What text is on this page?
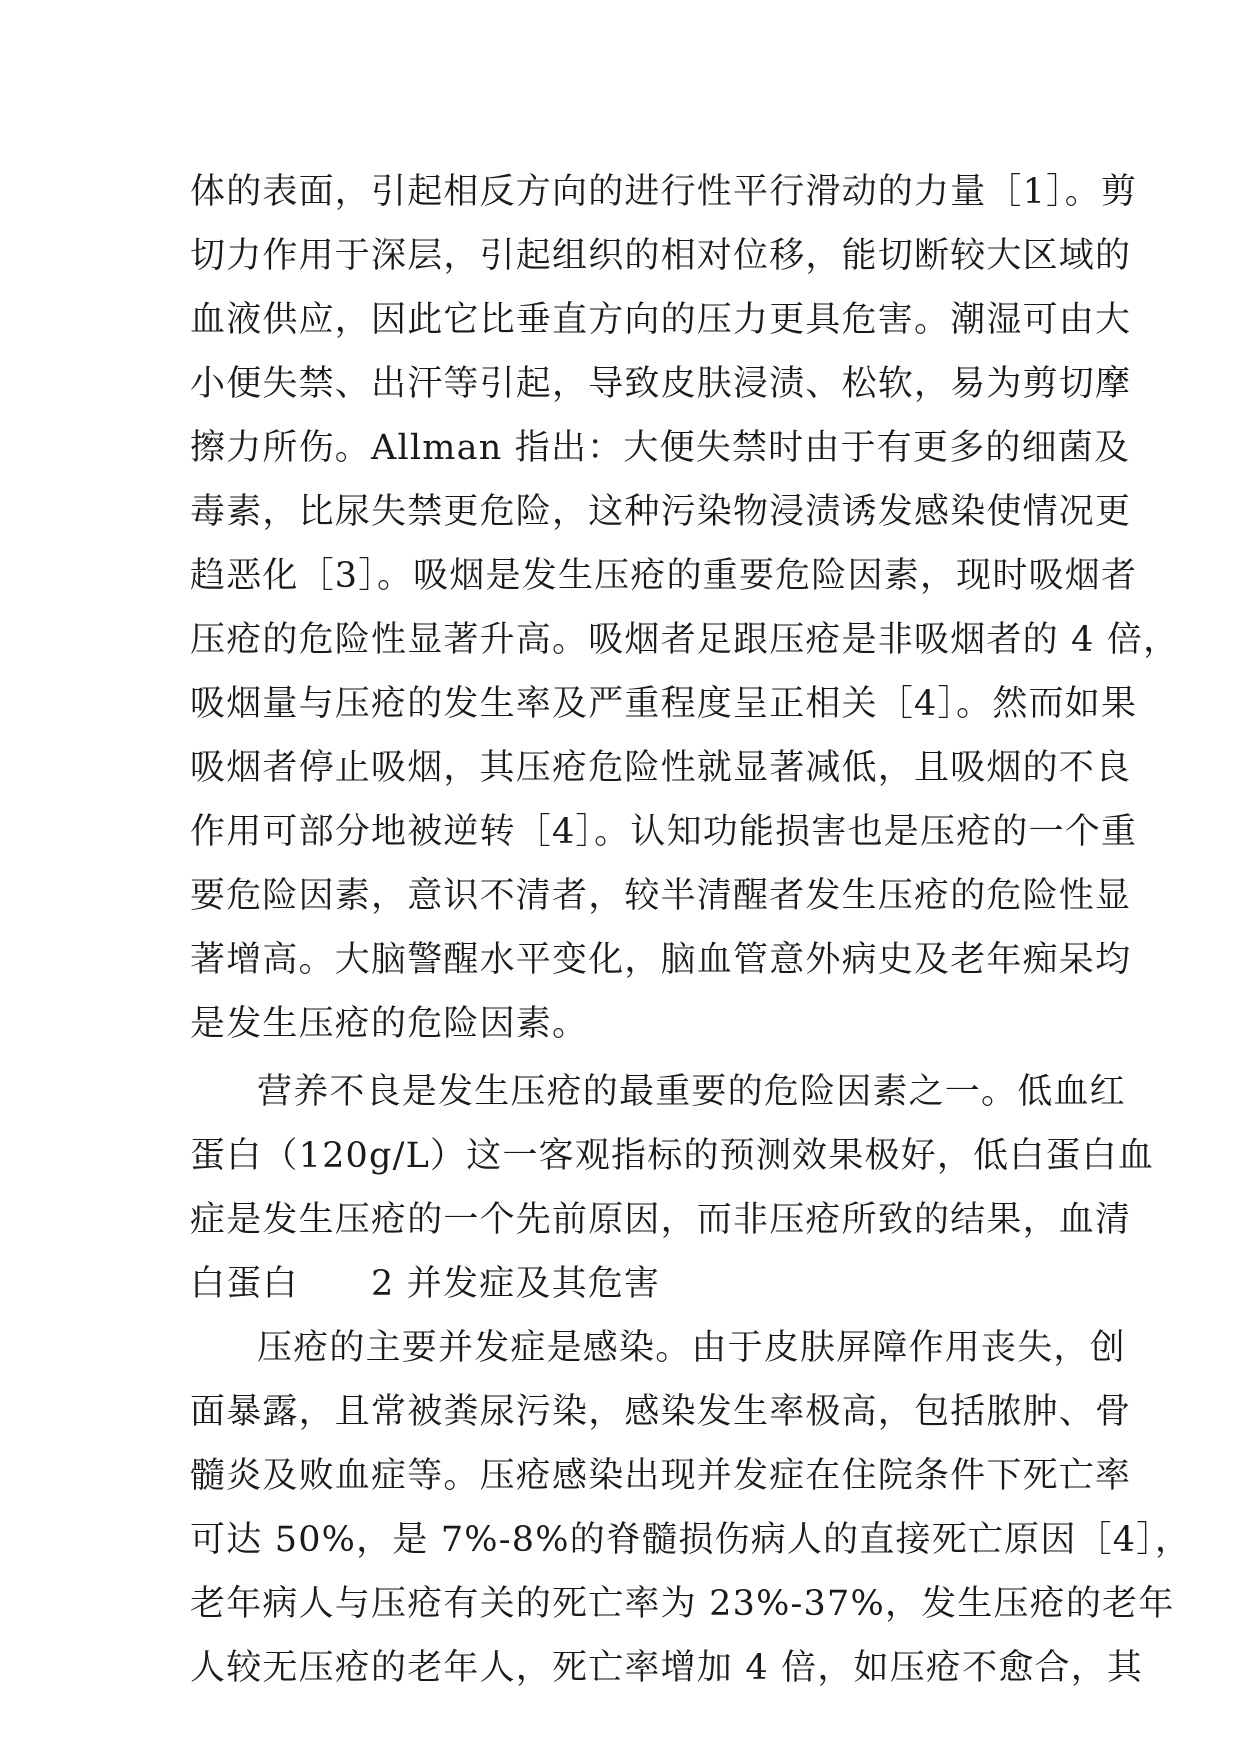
体的表面，引起相反方向的进行性平行滑动的力量［1］。剪
切力作用于深层，引起组织的相对位移，能切断较大区域的
血液供应，因此它比垂直方向的压力更具危害。潮湿可由大
小便失禁、出汗等引起，导致皮肤浸渍、松软，易为剪切摩
擦力所伤。Allman 指出：大便失禁时由于有更多的细菌及
毒素，比尿失禁更危险，这种污染物浸渍诱发感染使情况更
趋恶化［3］。吸烟是发生压疮的重要危险因素，现时吸烟者
压疮的危险性显著升高。吸烟者足跟压疮是非吸烟者的 4 倍，
吸烟量与压疮的发生率及严重程度呈正相关［4］。然而如果
吸烟者停止吸烟，其压疮危险性就显著减低，且吸烟的不良
作用可部分地被逆转［4］。认知功能损害也是压疮的一个重
要危险因素，意识不清者，较半清醒者发生压疮的危险性显
著增高。大脑警醒水平变化，脑血管意外病史及老年痴呆均
是发生压疮的危险因素。
营养不良是发生压疮的最重要的危险因素之一。低血红
蛋白（120g/L）这一客观指标的预测效果极好，低白蛋白血
症是发生压疮的一个先前原因，而非压疮所致的结果，血清
白蛋白　　2 并发症及其危害
压疮的主要并发症是感染。由于皮肤屏障作用丧失，创
面暴露，且常被粪尿污染，感染发生率极高，包括脓肿、骨
髓炎及败血症等。压疮感染出现并发症在住院条件下死亡率
可达 50%，是 7%-8%的脊髓损伤病人的直接死亡原因［4］，
老年病人与压疮有关的死亡率为 23%-37%，发生压疮的老年
人较无压疮的老年人，死亡率增加 4 倍，如压疮不愈合，其
